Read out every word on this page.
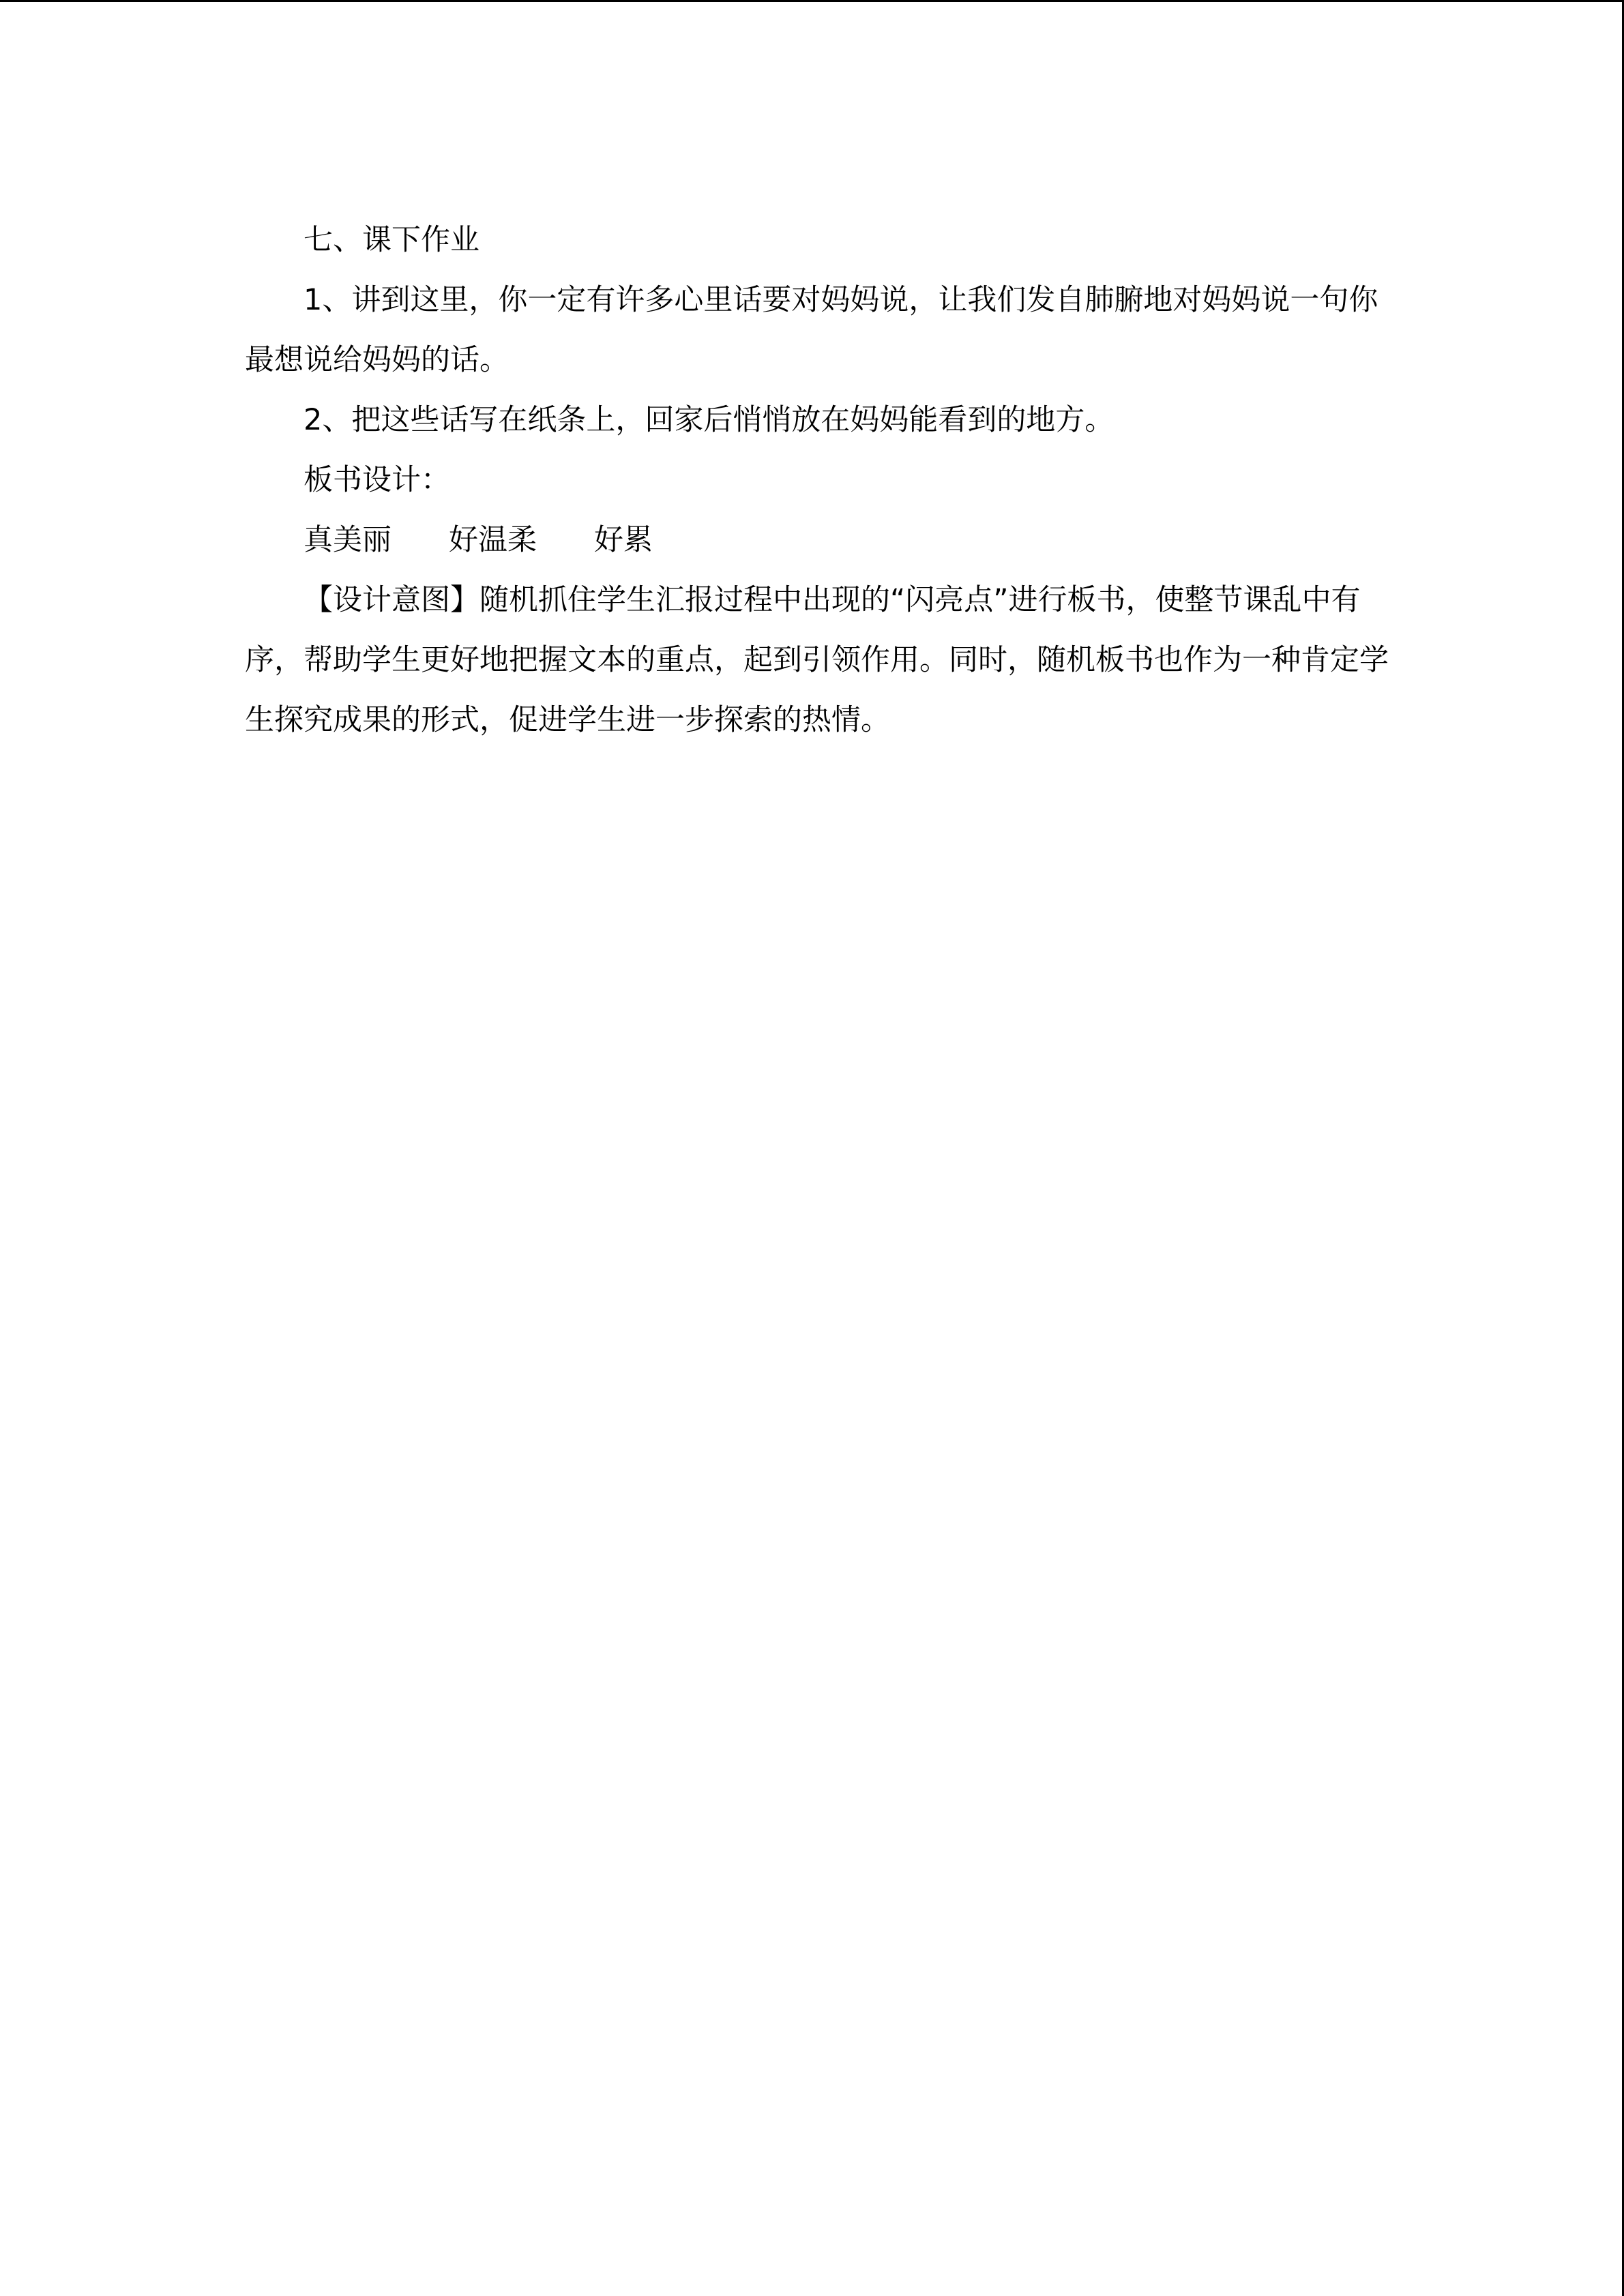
七、课下作业
1、讲到这里，你一定有许多心里话要对妈妈说，让我们发自肺腑地对妈妈说一句你
最想说给妈妈的话。
2、把这些话写在纸条上，回家后悄悄放在妈妈能看到的地方。
板书设计：
真美丽 好温柔 好累
【设计意图】随机抓住学生汇报过程中出现的“闪亮点”进行板书，使整节课乱中有
序，帮助学生更好地把握文本的重点，起到引领作用。同时，随机板书也作为一种肯定学
生探究成果的形式，促进学生进一步探索的热情。
